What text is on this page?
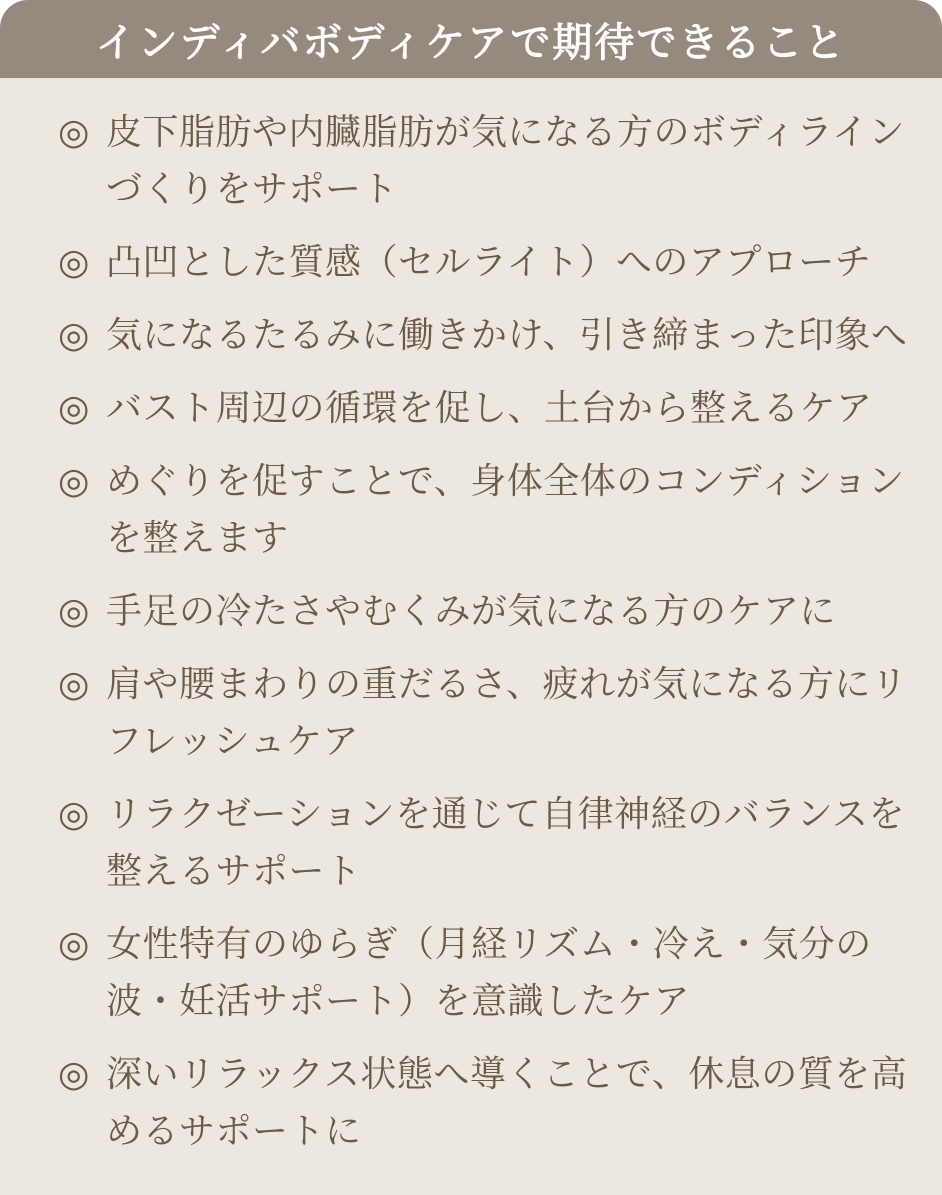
インディバボディケアで期待できること
◎ 皮下脂肪や内臓脂肪が気になる方のボディラインづくりをサポート
◎ 凸凹とした質感（セルライト）へのアプローチ
◎ 気になるたるみに働きかけ、引き締まった印象へ
◎ バスト周辺の循環を促し、土台から整えるケア
◎ めぐりを促すことで、身体全体のコンディションを整えます
◎ 手足の冷たさやむくみが気になる方のケアに
◎ 肩や腰まわりの重だるさ、疲れが気になる方にリフレッシュケア
◎ リラクゼーションを通じて自律神経のバランスを整えるサポート
◎ 女性特有のゆらぎ（月経リズム・冷え・気分の波・妊活サポート）を意識したケア
◎ 深いリラックス状態へ導くことで、休息の質を高めるサポートに
